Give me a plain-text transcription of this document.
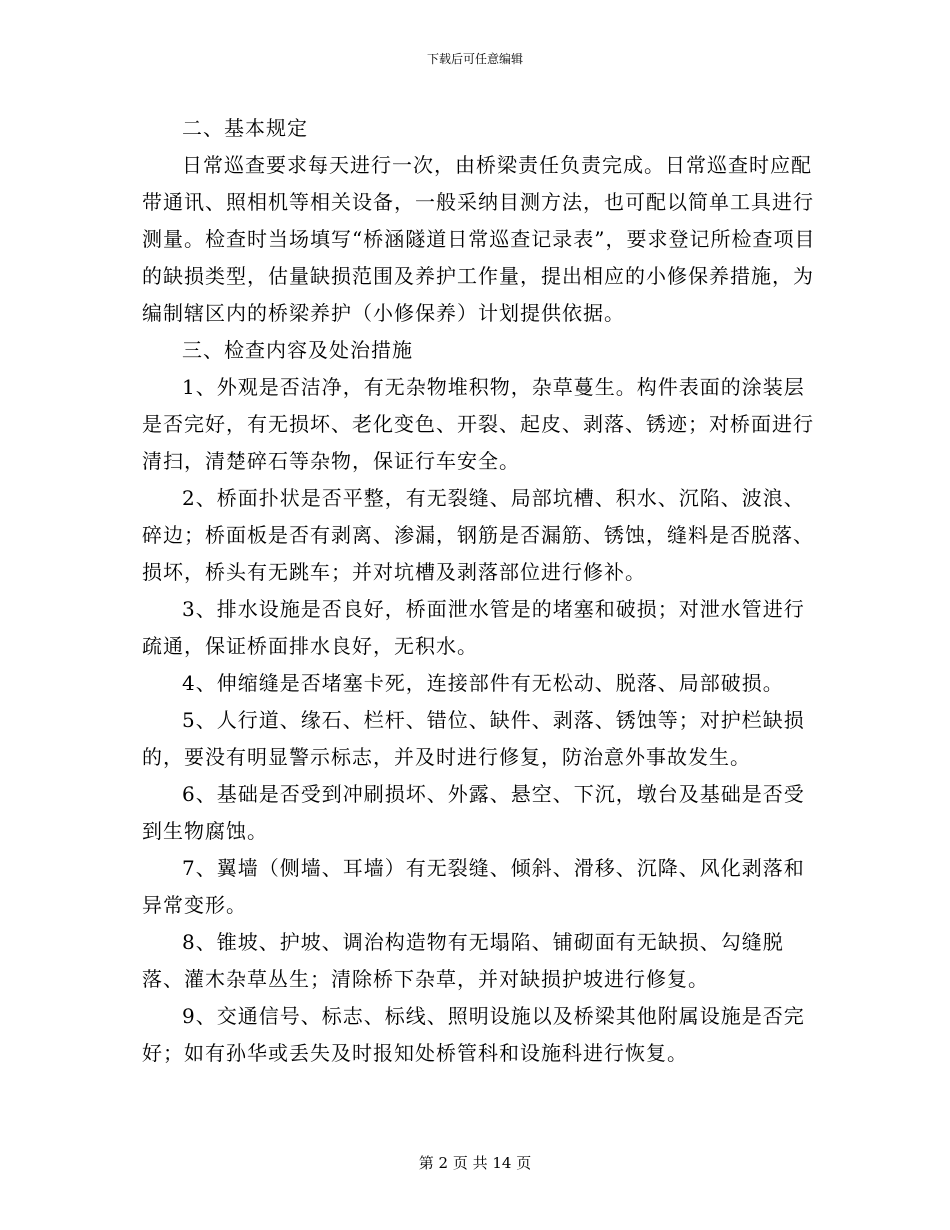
下载后可任意编辑

二、基本规定

日常巡查要求每天进行一次，由桥梁责任负责完成。日常巡查时应配带通讯、照相机等相关设备，一般采纳目测方法，也可配以简单工具进行测量。检查时当场填写“桥涵隧道日常巡查记录表”，要求登记所检查项目的缺损类型，估量缺损范围及养护工作量，提出相应的小修保养措施，为编制辖区内的桥梁养护（小修保养）计划提供依据。

三、检查内容及处治措施

1、外观是否洁净，有无杂物堆积物，杂草蔓生。构件表面的涂装层是否完好，有无损坏、老化变色、开裂、起皮、剥落、锈迹；对桥面进行清扫，清楚碎石等杂物，保证行车安全。

2、桥面扑状是否平整，有无裂缝、局部坑槽、积水、沉陷、波浪、碎边；桥面板是否有剥离、渗漏，钢筋是否漏筋、锈蚀，缝料是否脱落、损坏，桥头有无跳车；并对坑槽及剥落部位进行修补。

3、排水设施是否良好，桥面泄水管是的堵塞和破损；对泄水管进行疏通，保证桥面排水良好，无积水。

4、伸缩缝是否堵塞卡死，连接部件有无松动、脱落、局部破损。

5、人行道、缘石、栏杆、错位、缺件、剥落、锈蚀等；对护栏缺损的，要没有明显警示标志，并及时进行修复，防治意外事故发生。

6、基础是否受到冲刷损坏、外露、悬空、下沉，墩台及基础是否受到生物腐蚀。

7、翼墙（侧墙、耳墙）有无裂缝、倾斜、滑移、沉降、风化剥落和异常变形。

8、锥坡、护坡、调治构造物有无塌陷、铺砌面有无缺损、勾缝脱落、灌木杂草丛生；清除桥下杂草，并对缺损护坡进行修复。

9、交通信号、标志、标线、照明设施以及桥梁其他附属设施是否完好；如有孙华或丢失及时报知处桥管科和设施科进行恢复。

第 2 页 共 14 页
